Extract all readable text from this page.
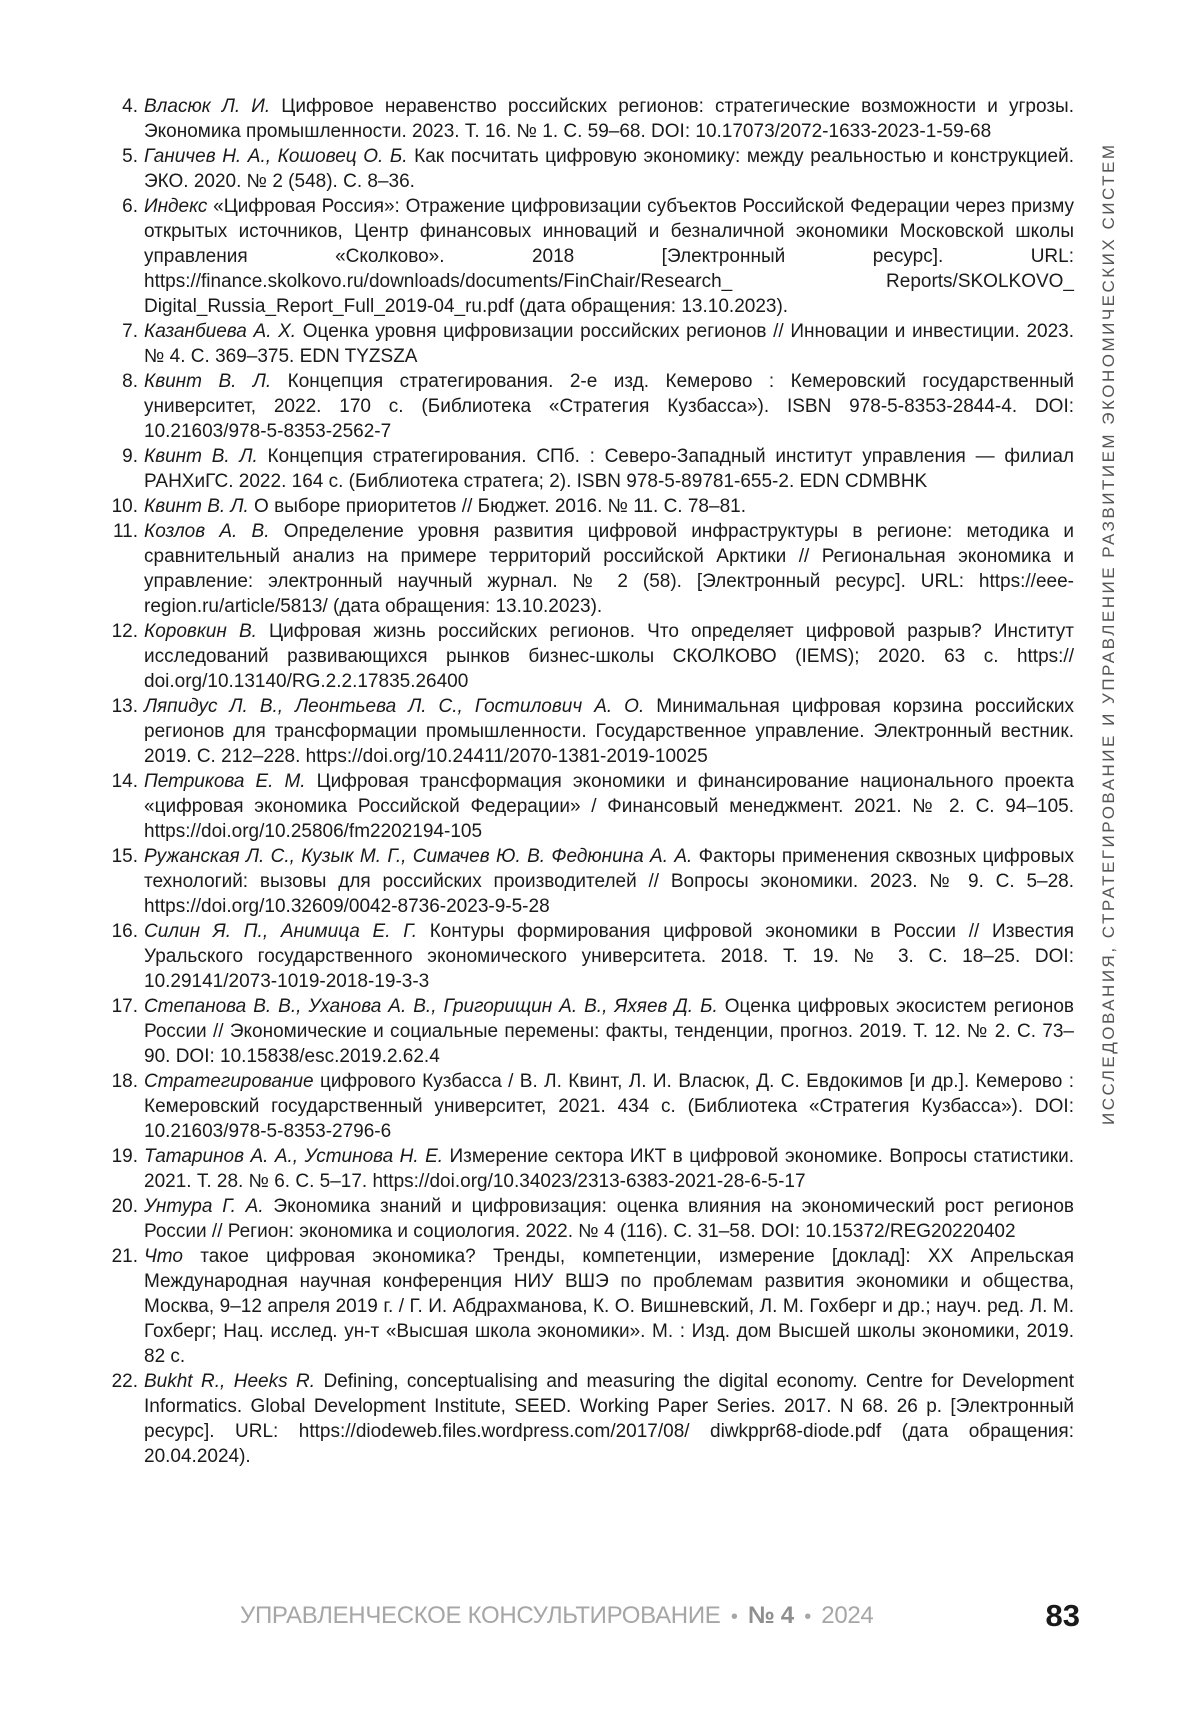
ИССЛЕДОВАНИЯ, СТРАТЕГИРОВАНИЕ И УПРАВЛЕНИЕ РАЗВИТИЕМ ЭКОНОМИЧЕСКИХ СИСТЕМ
4. Власюк Л. И. Цифровое неравенство российских регионов: стратегические возможности и угрозы. Экономика промышленности. 2023. Т. 16. № 1. С. 59–68. DOI: 10.17073/2072-1633-2023-1-59-68
5. Ганичев Н. А., Кошовец О. Б. Как посчитать цифровую экономику: между реальностью и конструкцией. ЭКО. 2020. № 2 (548). С. 8–36.
6. Индекс «Цифровая Россия»: Отражение цифровизации субъектов Российской Федерации через призму открытых источников, Центр финансовых инноваций и безналичной экономики Московской школы управления «Сколково». 2018 [Электронный ресурс]. URL: https://finance.skolkovo.ru/downloads/documents/FinChair/Research_ Reports/SKOLKOVO_ Digital_Russia_Report_Full_2019-04_ru.pdf (дата обращения: 13.10.2023).
7. Казанбиева А. Х. Оценка уровня цифровизации российских регионов // Инновации и инвестиции. 2023. № 4. С. 369–375. EDN TYZSZA
8. Квинт В. Л. Концепция стратегирования. 2-е изд. Кемерово : Кемеровский государственный университет, 2022. 170 с. (Библиотека «Стратегия Кузбасса»). ISBN 978-5-8353-2844-4. DOI: 10.21603/978-5-8353-2562-7
9. Квинт В. Л. Концепция стратегирования. СПб. : Северо-Западный институт управления — филиал РАНХиГС. 2022. 164 с. (Библиотека стратега; 2). ISBN 978-5-89781-655-2. EDN CDMBHK
10. Квинт В. Л. О выборе приоритетов // Бюджет. 2016. № 11. С. 78–81.
11. Козлов А. В. Определение уровня развития цифровой инфраструктуры в регионе: методика и сравнительный анализ на примере территорий российской Арктики // Региональная экономика и управление: электронный научный журнал. № 2 (58). [Электронный ресурс]. URL: https://eee-region.ru/article/5813/ (дата обращения: 13.10.2023).
12. Коровкин В. Цифровая жизнь российских регионов. Что определяет цифровой разрыв? Институт исследований развивающихся рынков бизнес-школы СКОЛКОВО (IEMS); 2020. 63 с. https:// doi.org/10.13140/RG.2.2.17835.26400
13. Ляпидус Л. В., Леонтьева Л. С., Гостилович А. О. Минимальная цифровая корзина российских регионов для трансформации промышленности. Государственное управление. Электронный вестник. 2019. С. 212–228. https://doi.org/10.24411/2070-1381-2019-10025
14. Петрикова Е. М. Цифровая трансформация экономики и финансирование национального проекта «цифровая экономика Российской Федерации» / Финансовый менеджмент. 2021. № 2. С. 94–105. https://doi.org/10.25806/fm2202194-105
15. Ружанская Л. С., Кузык М. Г., Симачев Ю. В. Федюнина А. А. Факторы применения сквозных цифровых технологий: вызовы для российских производителей // Вопросы экономики. 2023. № 9. С. 5–28. https://doi.org/10.32609/0042-8736-2023-9-5-28
16. Силин Я. П., Анимица Е. Г. Контуры формирования цифровой экономики в России // Известия Уральского государственного экономического университета. 2018. Т. 19. № 3. С. 18–25. DOI: 10.29141/2073-1019-2018-19-3-3
17. Степанова В. В., Уханова А. В., Григорищин А. В., Яхяев Д. Б. Оценка цифровых экосистем регионов России // Экономические и социальные перемены: факты, тенденции, прогноз. 2019. Т. 12. № 2. С. 73–90. DOI: 10.15838/esc.2019.2.62.4
18. Стратегирование цифрового Кузбасса / В. Л. Квинт, Л. И. Власюк, Д. С. Евдокимов [и др.]. Кемерово : Кемеровский государственный университет, 2021. 434 с. (Библиотека «Стратегия Кузбасса»). DOI: 10.21603/978-5-8353-2796-6
19. Татаринов А. А., Устинова Н. Е. Измерение сектора ИКТ в цифровой экономике. Вопросы статистики. 2021. Т. 28. № 6. С. 5–17. https://doi.org/10.34023/2313-6383-2021-28-6-5-17
20. Унтура Г. А. Экономика знаний и цифровизация: оценка влияния на экономический рост регионов России // Регион: экономика и социология. 2022. № 4 (116). С. 31–58. DOI: 10.15372/REG20220402
21. Что такое цифровая экономика? Тренды, компетенции, измерение [доклад]: XX Апрельская Международная научная конференция НИУ ВШЭ по проблемам развития экономики и общества, Москва, 9–12 апреля 2019 г. / Г. И. Абдрахманова, К. О. Вишневский, Л. М. Гохберг и др.; науч. ред. Л. М. Гохберг; Нац. исслед. ун-т «Высшая школа экономики». М. : Изд. дом Высшей школы экономики, 2019. 82 с.
22. Bukht R., Heeks R. Defining, conceptualising and measuring the digital economy. Centre for Development Informatics. Global Development Institute, SEED. Working Paper Series. 2017. N 68. 26 p. [Электронный ресурс]. URL: https://diodeweb.files.wordpress.com/2017/08/ diwkppr68-diode.pdf (дата обращения: 20.04.2024).
УПРАВЛЕНЧЕСКОЕ КОНСУЛЬТИРОВАНИЕ • № 4 • 2024	83
